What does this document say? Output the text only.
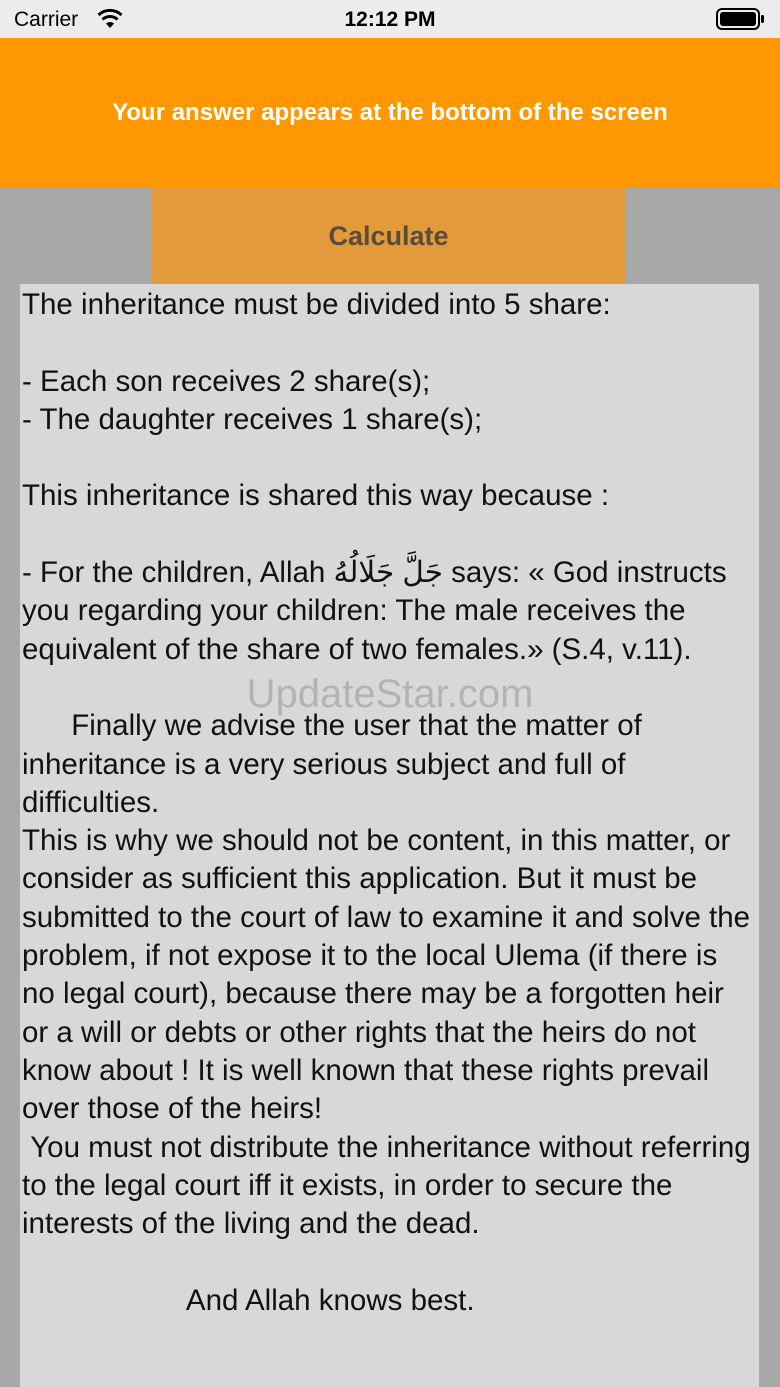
Carrier	12:12 PM
Your answer appears at the bottom of the screen
Calculate
The inheritance must be divided into 5 share:

- Each son receives 2 share(s);
- The daughter receives 1 share(s);

This inheritance is shared this way because :

- For the children, Allah جَلَّ جَلَالُهُ says: « God instructs you regarding your children: The male receives the equivalent of the share of two females.» (S.4, v.11).

Finally we advise the user that the matter of inheritance is a very serious subject and full of difficulties.
This is why we should not be content, in this matter, or consider as sufficient this application. But it must be submitted to the court of law to examine it and solve the problem, if not expose it to the local Ulema (if there is no legal court), because there may be a forgotten heir or a will or debts or other rights that the heirs do not know about ! It is well known that these rights prevail over those of the heirs!
You must not distribute the inheritance without referring to the legal court iff it exists, in order to secure the interests of the living and the dead.

And Allah knows best.
UpdateStar.com
